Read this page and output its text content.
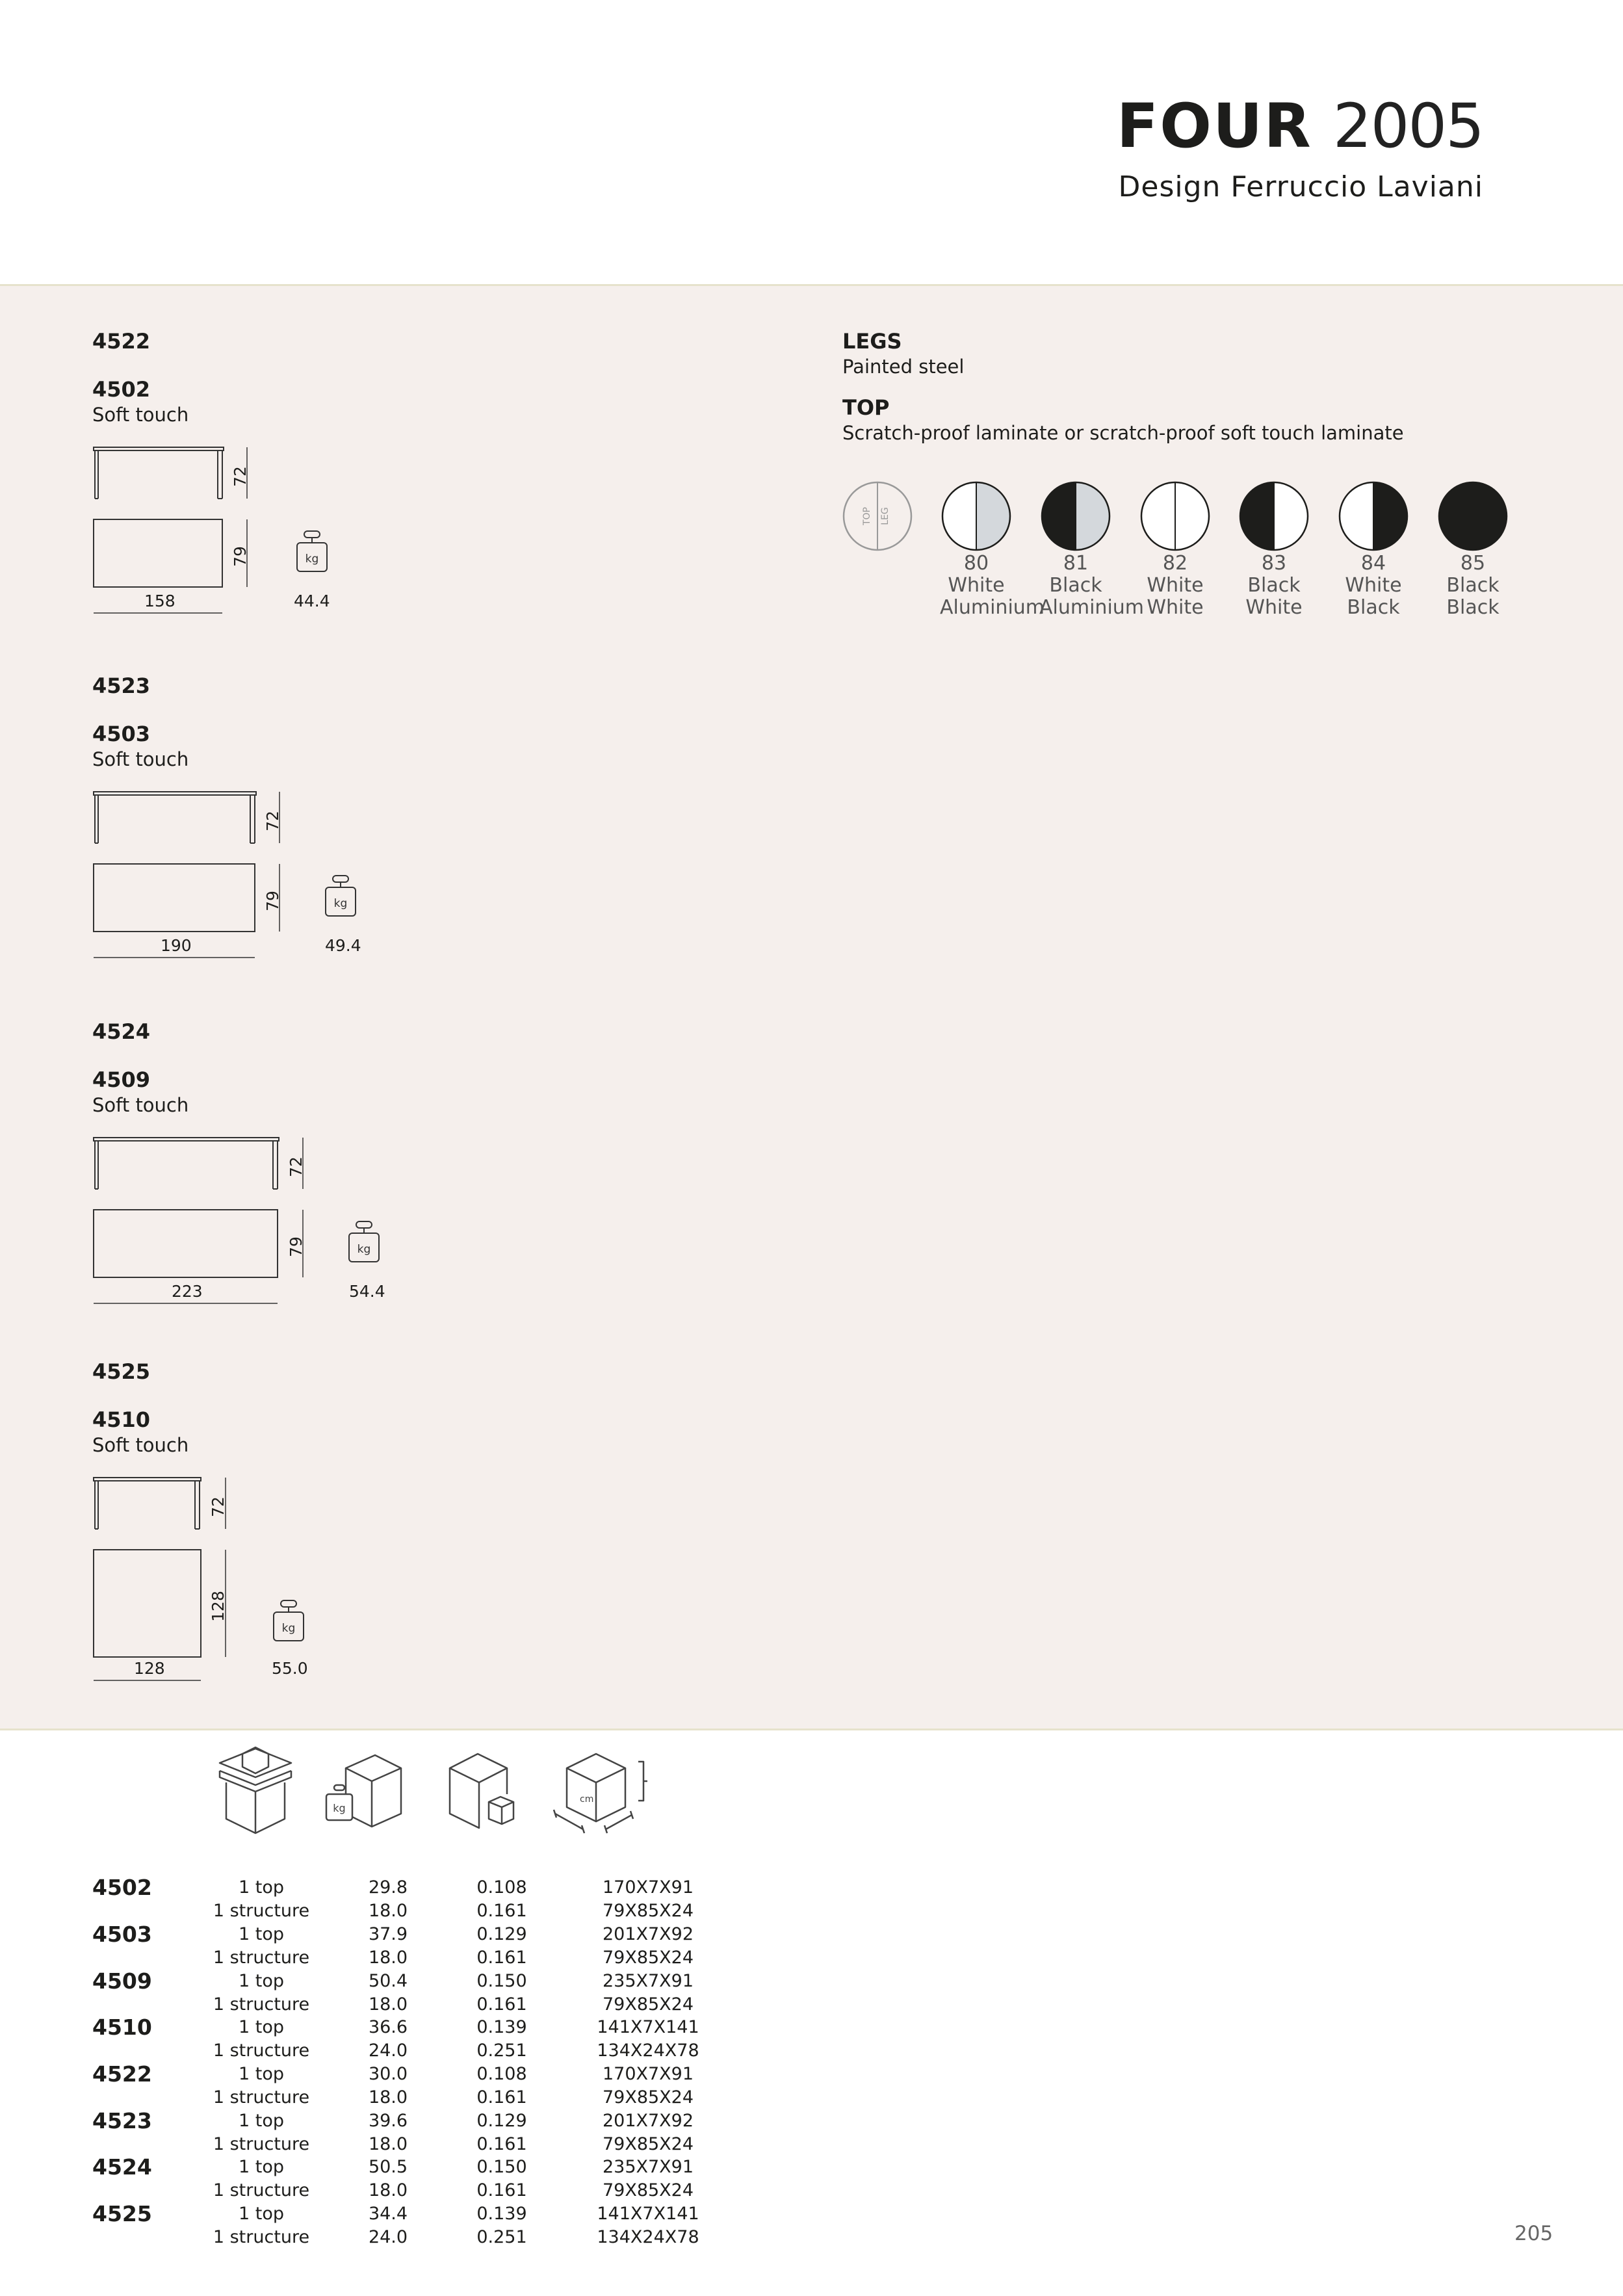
FOUR 2005
Design Ferruccio Laviani
4522
4502
Soft touch
72
79
158
kg
44.4
4523
4503
Soft touch
72
79
190
kg
49.4
4524
4509
Soft touch
72
79
223
kg
54.4
4525
4510
Soft touch
72
128
128
kg
55.0
LEGS
Painted steel
TOP
Scratch-proof laminate or scratch-proof soft touch laminate
TOP LEG
80
White
Aluminium
81
Black
Aluminium
82
White
White
83
Black
White
84
White
Black
85
Black
Black
kg
cm
4502	1 top	29.8	0.108	170X7X91
1 structure	18.0	0.161	79X85X24
4503	1 top	37.9	0.129	201X7X92
1 structure	18.0	0.161	79X85X24
4509	1 top	50.4	0.150	235X7X91
1 structure	18.0	0.161	79X85X24
4510	1 top	36.6	0.139	141X7X141
1 structure	24.0	0.251	134X24X78
4522	1 top	30.0	0.108	170X7X91
1 structure	18.0	0.161	79X85X24
4523	1 top	39.6	0.129	201X7X92
1 structure	18.0	0.161	79X85X24
4524	1 top	50.5	0.150	235X7X91
1 structure	18.0	0.161	79X85X24
4525	1 top	34.4	0.139	141X7X141
1 structure	24.0	0.251	134X24X78	205
